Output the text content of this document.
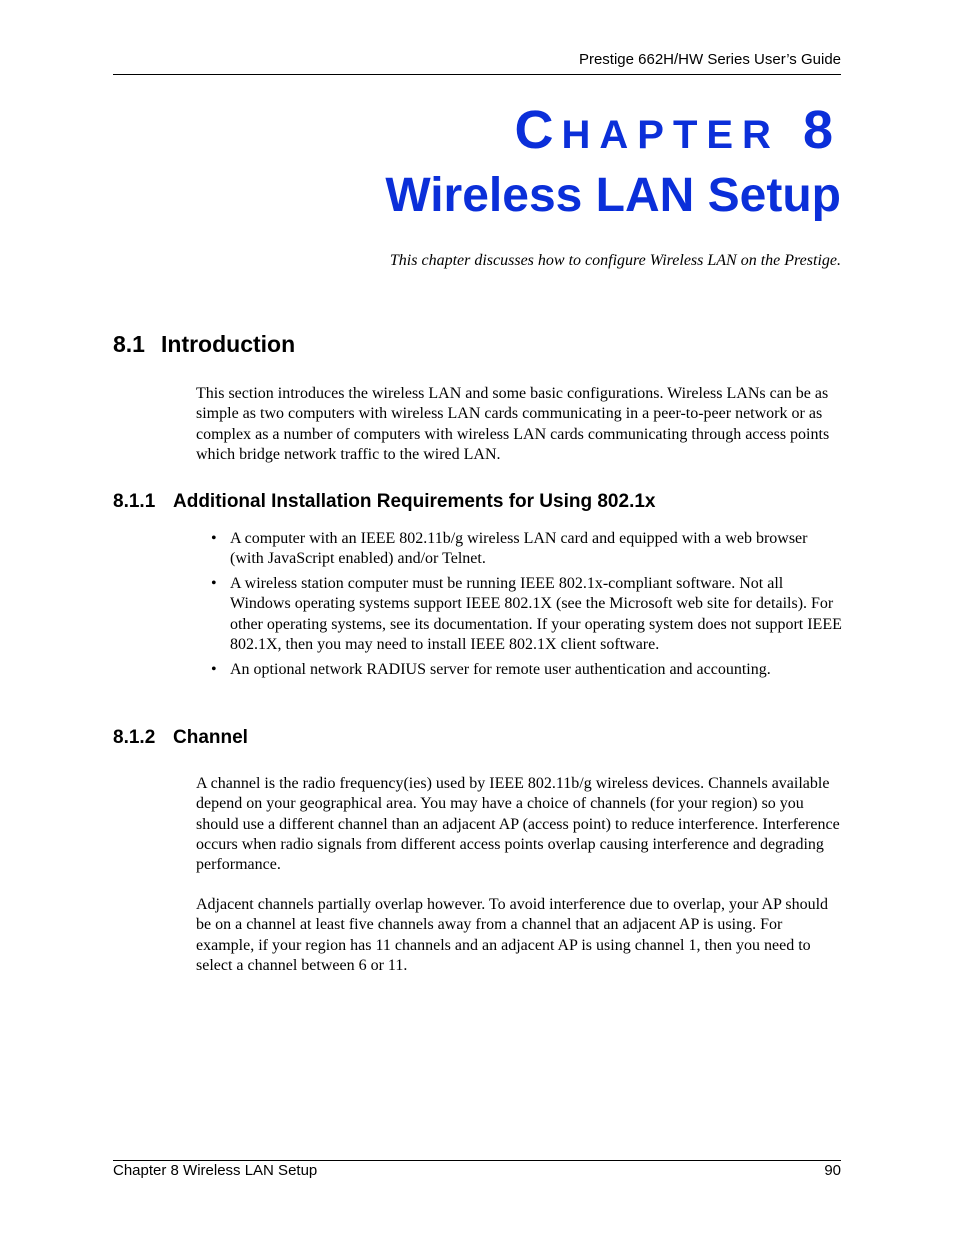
Prestige 662H/HW Series User’s Guide
CHAPTER 8
Wireless LAN Setup
This chapter discusses how to configure Wireless LAN on the Prestige.
8.1 Introduction
This section introduces the wireless LAN and some basic configurations. Wireless LANs can be as simple as two computers with wireless LAN cards communicating in a peer-to-peer network or as complex as a number of computers with wireless LAN cards communicating through access points which bridge network traffic to the wired LAN.
8.1.1 Additional Installation Requirements for Using 802.1x
• A computer with an IEEE 802.11b/g wireless LAN card and equipped with a web browser (with JavaScript enabled) and/or Telnet.
• A wireless station computer must be running IEEE 802.1x-compliant software. Not all Windows operating systems support IEEE 802.1X (see the Microsoft web site for details). For other operating systems, see its documentation. If your operating system does not support IEEE 802.1X, then you may need to install IEEE 802.1X client software.
• An optional network RADIUS server for remote user authentication and accounting.
8.1.2 Channel
A channel is the radio frequency(ies) used by IEEE 802.11b/g wireless devices. Channels available depend on your geographical area. You may have a choice of channels (for your region) so you should use a different channel than an adjacent AP (access point) to reduce interference. Interference occurs when radio signals from different access points overlap causing interference and degrading performance.
Adjacent channels partially overlap however. To avoid interference due to overlap, your AP should be on a channel at least five channels away from a channel that an adjacent AP is using. For example, if your region has 11 channels and an adjacent AP is using channel 1, then you need to select a channel between 6 or 11.
Chapter 8 Wireless LAN Setup	90
